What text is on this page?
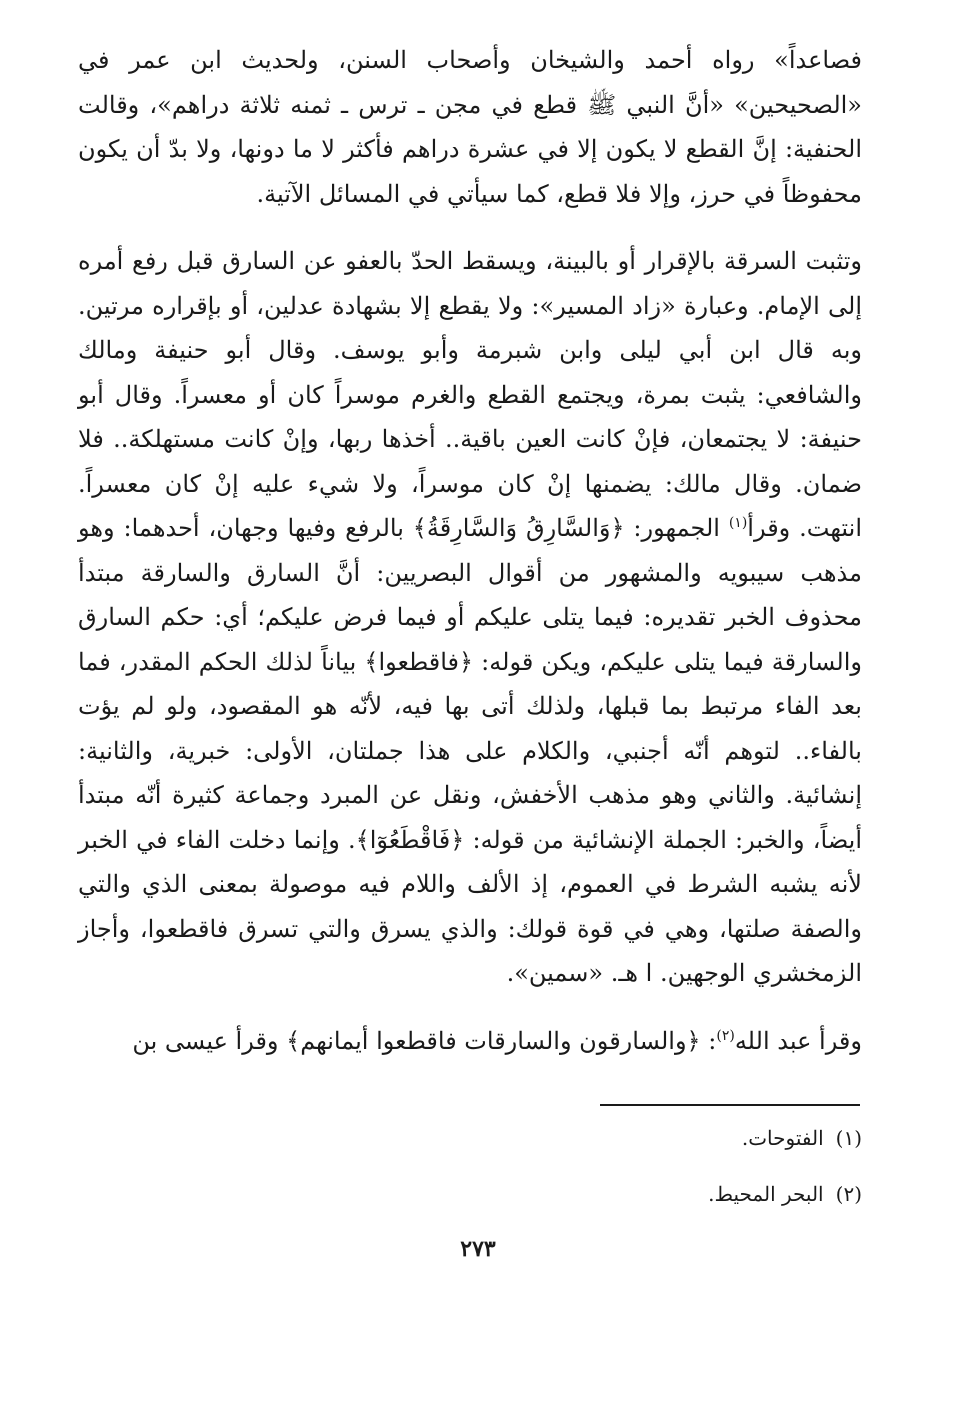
فصاعداً» رواه أحمد والشيخان وأصحاب السنن، ولحديث ابن عمر في «الصحيحين» «أنَّ النبي ﷺ قطع في مجن ـ ترس ـ ثمنه ثلاثة دراهم»، وقالت الحنفية: إنَّ القطع لا يكون إلا في عشرة دراهم فأكثر لا ما دونها، ولا بدّ أن يكون محفوظاً في حرز، وإلا فلا قطع، كما سيأتي في المسائل الآتية.

وتثبت السرقة بالإقرار أو بالبينة، ويسقط الحدّ بالعفو عن السارق قبل رفع أمره إلى الإمام. وعبارة «زاد المسير»: ولا يقطع إلا بشهادة عدلين، أو بإقراره مرتين. وبه قال ابن أبي ليلى وابن شبرمة وأبو يوسف. وقال أبو حنيفة ومالك والشافعي: يثبت بمرة، ويجتمع القطع والغرم موسراً كان أو معسراً. وقال أبو حنيفة: لا يجتمعان، فإنْ كانت العين باقية.. أخذها ربها، وإنْ كانت مستهلكة.. فلا ضمان. وقال مالك: يضمنها إنْ كان موسراً، ولا شيء عليه إنْ كان معسراً. انتهت. وقرأ$^{(١)}$ الجمهور: ﴿وَالسَّارِقُ وَالسَّارِقَةُ﴾ بالرفع وفيها وجهان، أحدهما: وهو مذهب سيبويه والمشهور من أقوال البصريين: أنَّ السارق والسارقة مبتدأ محذوف الخبر تقديره: فيما يتلى عليكم أو فيما فرض عليكم؛ أي: حكم السارق والسارقة فيما يتلى عليكم، ويكن قوله: ﴿فاقطعوا﴾ بياناً لذلك الحكم المقدر، فما بعد الفاء مرتبط بما قبلها، ولذلك أتى بها فيه، لأنّه هو المقصود، ولو لم يؤت بالفاء.. لتوهم أنّه أجنبي، والكلام على هذا جملتان، الأولى: خبرية، والثانية: إنشائية. والثاني وهو مذهب الأخفش، ونقل عن المبرد وجماعة كثيرة أنّه مبتدأ أيضاً، والخبر: الجملة الإنشائية من قوله: ﴿فَاقْطَعُوٓا﴾. وإنما دخلت الفاء في الخبر لأنه يشبه الشرط في العموم، إذ الألف واللام فيه موصولة بمعنى الذي والتي والصفة صلتها، وهي في قوة قولك: والذي يسرق والتي تسرق فاقطعوا، وأجاز الزمخشري الوجهين. ا هـ. «سمين».

وقرأ عبد الله$^{(٢)}$: ﴿والسارقون والسارقات فاقطعوا أيمانهم﴾ وقرأ عيسى بن

(١)الفتوحات.

(٢)البحر المحيط.

٢٧٣
